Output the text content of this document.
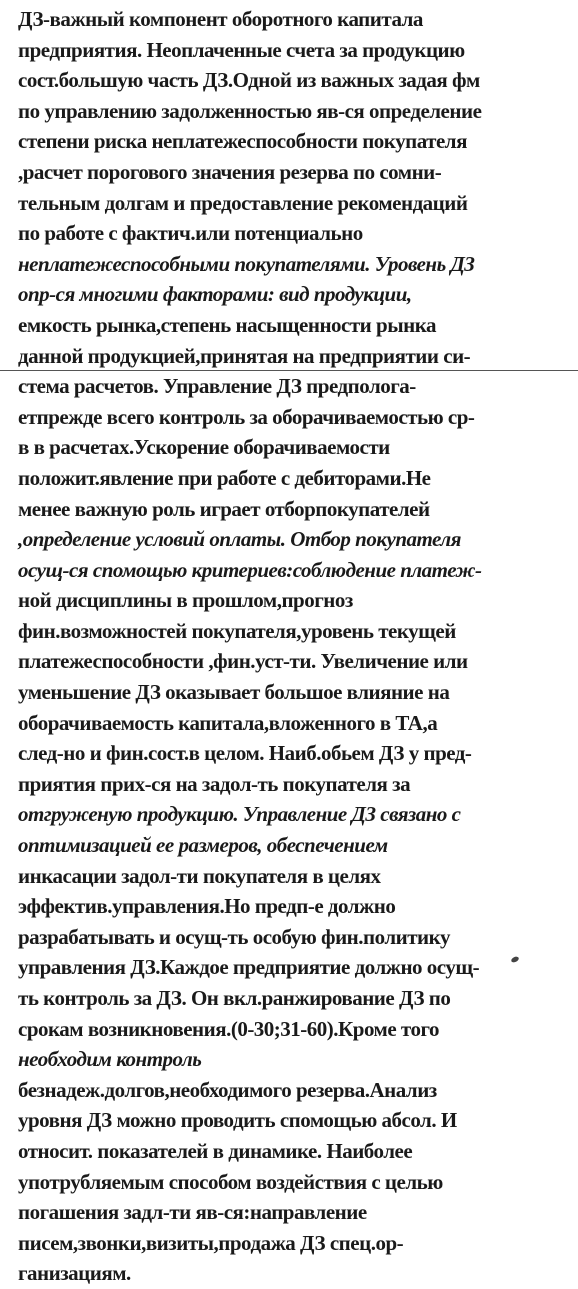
ДЗ-важный компонент оборотного капитала
предприятия. Неоплаченные счета за продукцию
сост.большую часть ДЗ.Одной из важных задая фм
по управлению задолженностью яв-ся определение
степени риска неплатежеспособности покупателя
,расчет порогового значения резерва по сомни-
тельным долгам и предоставление рекомендаций
по работе с фактич.или потенциально
неплатежеспособными покупателями. Уровень ДЗ
опр-ся многими факторами: вид продукции,
емкость рынка,степень насыщенности рынка
данной продукцией,принятая на предприятии си-
стема расчетов. Управление ДЗ предпологa-
етпрежде всего контроль за оборачиваемостью ср-
в в расчетах.Ускорение оборачиваемости
положит.явление при работе с дебиторами.Не
менее важную роль играет отборпокупателей
,определение условий оплаты. Отбор покупателя
осущ-ся спомощью критериев:соблюдение платеж-
ной дисциплины в прошлом,прогноз
фин.возможностей покупателя,уровень текущей
платежеспособности ,фин.уст-ти. Увеличение или
уменьшение ДЗ оказывает большое влияние на
оборачиваемость капитала,вложенного в ТА,а
след-но и фин.сост.в целом. Наиб.обьем ДЗ у пред-
приятия прих-ся на задол-ть покупателя за
отгруженую продукцию. Управление ДЗ связано с
оптимизацией ее размеров, обеспечением
инкасации задол-ти покупателя в целях
эффектив.управления.Но предп-е должно
разрабатывать и осущ-ть особую фин.политику
управления ДЗ.Каждое предприятие должно осущ-
ть контроль за ДЗ. Он вкл.ранжирование ДЗ по
срокам возникновения.(0-30;31-60).Кроме того
необходим контроль
безнадеж.долгов,необходимого резерва.Анализ
уровня ДЗ можно проводить спомощью абсол. И
относит. показателей в динамике. Наиболее
употрубляемым способом воздействия с целью
погашения задл-ти яв-ся:направление
писем,звонки,визиты,продажа ДЗ спец.ор-
ганизациям.
